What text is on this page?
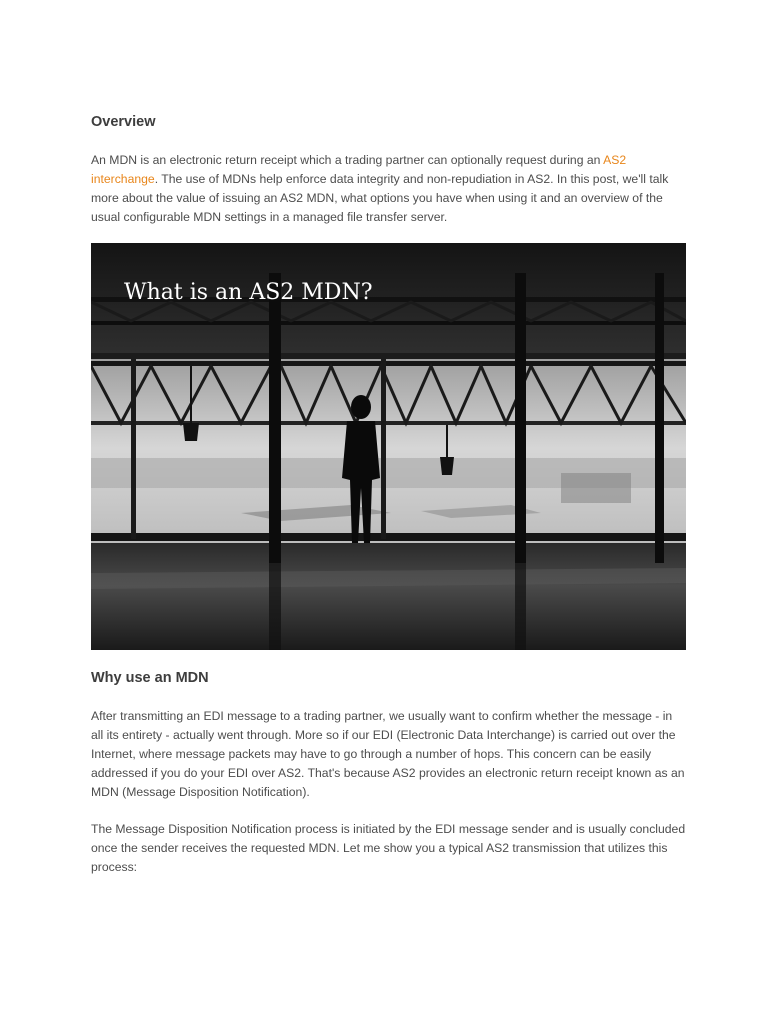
Overview

An MDN is an electronic return receipt which a trading partner can optionally request during an AS2 interchange. The use of MDNs help enforce data integrity and non-repudiation in AS2. In this post, we'll talk more about the value of issuing an AS2 MDN, what options you have when using it and an overview of the usual configurable MDN settings in a managed file transfer server.

What is an AS2 MDN?
Why use an MDN

After transmitting an EDI message to a trading partner, we usually want to confirm whether the message - in all its entirety - actually went through. More so if our EDI (Electronic Data Interchange) is carried out over the Internet, where message packets may have to go through a number of hops. This concern can be easily addressed if you do your EDI over AS2. That's because AS2 provides an electronic return receipt known as an MDN (Message Disposition Notification).

The Message Disposition Notification process is initiated by the EDI message sender and is usually concluded once the sender receives the requested MDN. Let me show you a typical AS2 transmission that utilizes this process:
